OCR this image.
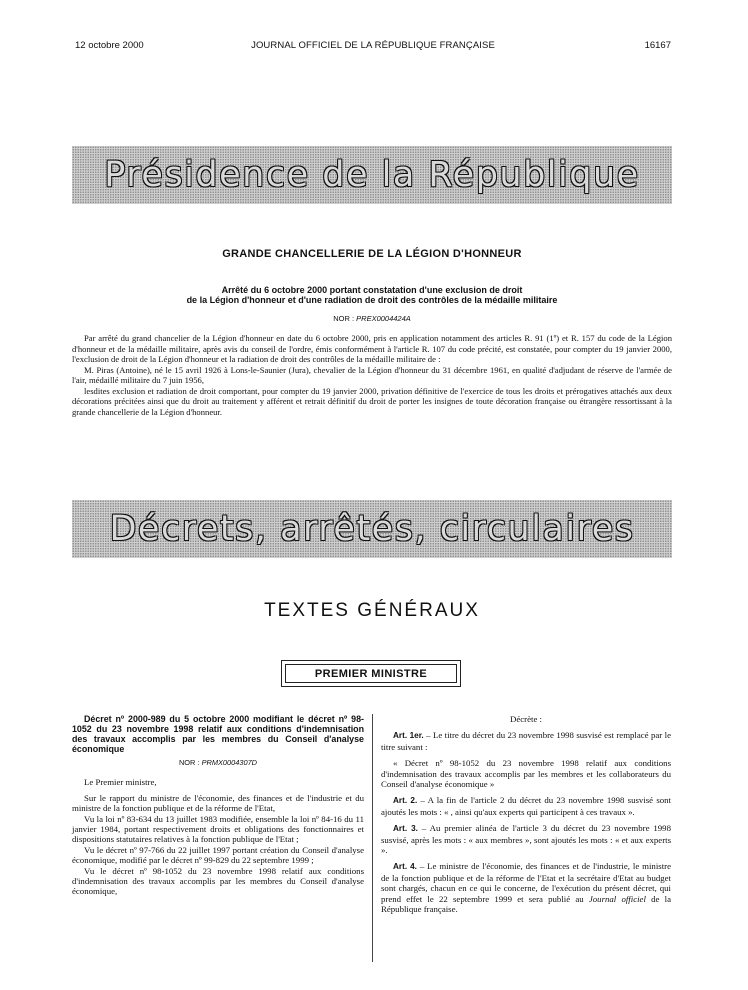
12 octobre 2000	JOURNAL OFFICIEL DE LA RÉPUBLIQUE FRANÇAISE	16167
Présidence de la République
GRANDE CHANCELLERIE DE LA LÉGION D'HONNEUR
Arrêté du 6 octobre 2000 portant constatation d'une exclusion de droit
de la Légion d'honneur et d'une radiation de droit des contrôles de la médaille militaire
NOR : PREX0004424A

Par arrêté du grand chancelier de la Légion d'honneur en date du 6 octobre 2000, pris en application notamment des articles R. 91 (1º) et R. 157 du code de la Légion d'honneur et de la médaille militaire, après avis du conseil de l'ordre, émis conformément à l'article R. 107 du code précité, est constatée, pour compter du 19 janvier 2000, l'exclusion de droit de la Légion d'honneur et la radiation de droit des contrôles de la médaille militaire de :

M. Piras (Antoine), né le 15 avril 1926 à Lons-le-Saunier (Jura), chevalier de la Légion d'honneur du 31 décembre 1961, en qualité d'adjudant de réserve de l'armée de l'air, médaillé militaire du 7 juin 1956,

lesdites exclusion et radiation de droit comportant, pour compter du 19 janvier 2000, privation définitive de l'exercice de tous les droits et prérogatives attachés aux deux décorations précitées ainsi que du droit au traitement y afférent et retrait définitif du droit de porter les insignes de toute décoration française ou étrangère ressortissant à la grande chancellerie de la Légion d'honneur.

Décrets, arrêtés, circulaires
TEXTES GÉNÉRAUX
PREMIER MINISTRE

Décret nº 2000-989 du 5 octobre 2000 modifiant le décret nº 98-1052 du 23 novembre 1998 relatif aux conditions d'indemnisation des travaux accomplis par les membres du Conseil d'analyse économique

NOR : PRMX0004307D

Le Premier ministre,

Sur le rapport du ministre de l'économie, des finances et de l'industrie et du ministre de la fonction publique et de la réforme de l'Etat,

Vu la loi nº 83-634 du 13 juillet 1983 modifiée, ensemble la loi nº 84-16 du 11 janvier 1984, portant respectivement droits et obligations des fonctionnaires et dispositions statutaires relatives à la fonction publique de l'Etat ;

Vu le décret nº 97-766 du 22 juillet 1997 portant création du Conseil d'analyse économique, modifié par le décret nº 99-829 du 22 septembre 1999 ;

Vu le décret nº 98-1052 du 23 novembre 1998 relatif aux conditions d'indemnisation des travaux accomplis par les membres du Conseil d'analyse économique,

Décrète :

Art. 1er. – Le titre du décret du 23 novembre 1998 susvisé est remplacé par le titre suivant :

« Décret nº 98-1052 du 23 novembre 1998 relatif aux conditions d'indemnisation des travaux accomplis par les membres et les collaborateurs du Conseil d'analyse économique »

Art. 2. – A la fin de l'article 2 du décret du 23 novembre 1998 susvisé sont ajoutés les mots : « , ainsi qu'aux experts qui participent à ces travaux ».

Art. 3. – Au premier alinéa de l'article 3 du décret du 23 novembre 1998 susvisé, après les mots : « aux membres », sont ajoutés les mots : « et aux experts ».

Art. 4. – Le ministre de l'économie, des finances et de l'industrie, le ministre de la fonction publique et de la réforme de l'Etat et la secrétaire d'Etat au budget sont chargés, chacun en ce qui le concerne, de l'exécution du présent décret, qui prend effet le 22 septembre 1999 et sera publié au Journal officiel de la République française.
